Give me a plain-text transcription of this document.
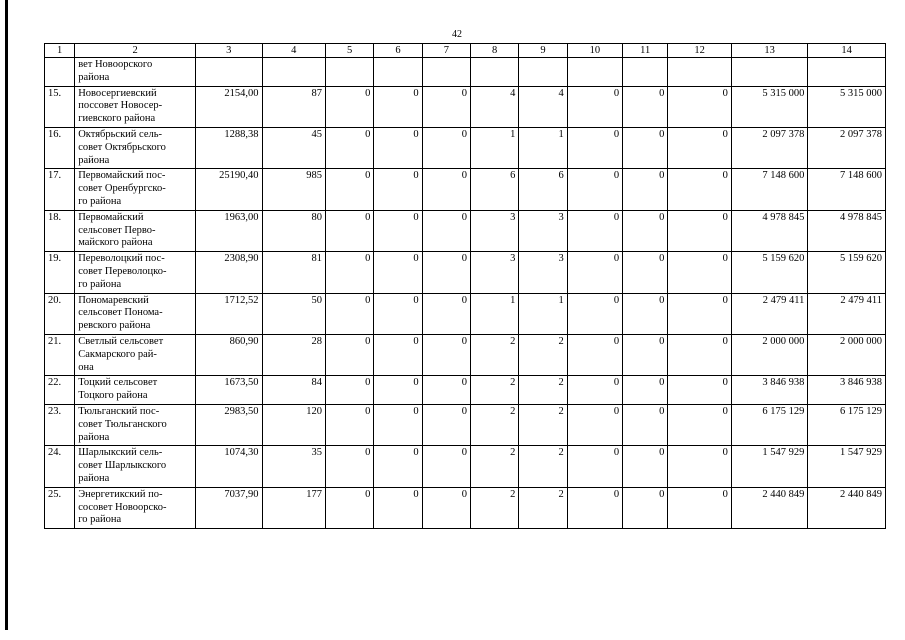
42
1	2	3	4	5	6	7	8	9	10	11	12	13	14
	вет Новоорского
района												
15.	Новосергиевский
поссовет Новосер-
гиевского района	2154,00	87	0	0	0	4	4	0	0	0	5 315 000	5 315 000
16.	Октябрьский сель-
совет Октябрьского
района	1288,38	45	0	0	0	1	1	0	0	0	2 097 378	2 097 378
17.	Первомайский пос-
совет Оренбургско-
го района	25190,40	985	0	0	0	6	6	0	0	0	7 148 600	7 148 600
18.	Первомайский
сельсовет Перво-
майского района	1963,00	80	0	0	0	3	3	0	0	0	4 978 845	4 978 845
19.	Переволоцкий пос-
совет Переволоцко-
го района	2308,90	81	0	0	0	3	3	0	0	0	5 159 620	5 159 620
20.	Пономаревский
сельсовет Понома-
ревского района	1712,52	50	0	0	0	1	1	0	0	0	2 479 411	2 479 411
21.	Светлый сельсовет
Сакмарского рай-
она	860,90	28	0	0	0	2	2	0	0	0	2 000 000	2 000 000
22.	Тоцкий сельсовет
Тоцкого района	1673,50	84	0	0	0	2	2	0	0	0	3 846 938	3 846 938
23.	Тюльганский пос-
совет Тюльганского
района	2983,50	120	0	0	0	2	2	0	0	0	6 175 129	6 175 129
24.	Шарлыкский сель-
совет Шарлыкского
района	1074,30	35	0	0	0	2	2	0	0	0	1 547 929	1 547 929
25.	Энергетикский по-
сосовет Новоорско-
го района	7037,90	177	0	0	0	2	2	0	0	0	2 440 849	2 440 849
